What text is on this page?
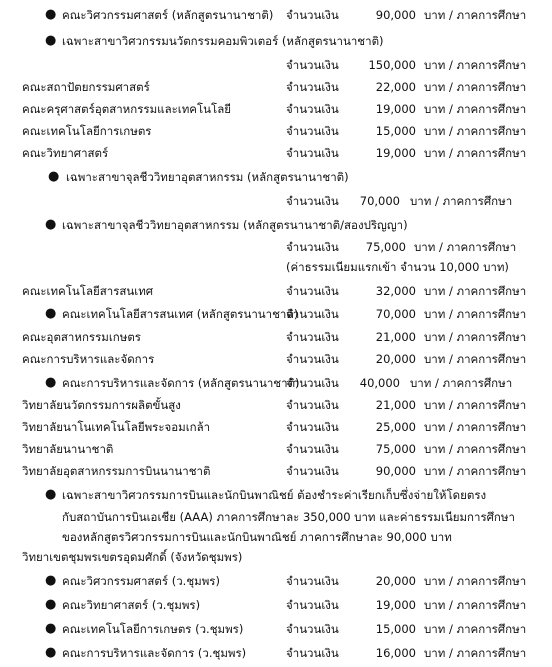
● คณะวิศวกรรมศาสตร์ (หลักสูตรนานาชาติ) จำนวนเงิน	90,000 บาท / ภาคการศึกษา
● เฉพาะสาขาวิศวกรรมนวัตกรรมคอมพิวเตอร์ (หลักสูตรนานาชาติ)
จำนวนเงิน	150,000 บาท / ภาคการศึกษา
คณะสถาปัตยกรรมศาสตร์	จำนวนเงิน	22,000 บาท / ภาคการศึกษา
คณะครุศาสตร์อุตสาหกรรมและเทคโนโลยี	จำนวนเงิน	19,000 บาท / ภาคการศึกษา
คณะเทคโนโลยีการเกษตร	จำนวนเงิน	15,000 บาท / ภาคการศึกษา
คณะวิทยาศาสตร์	จำนวนเงิน	19,000 บาท / ภาคการศึกษา
● เฉพาะสาขาจุลชีววิทยาอุตสาหกรรม (หลักสูตรนานาชาติ)
จำนวนเงิน	70,000 บาท / ภาคการศึกษา
● เฉพาะสาขาจุลชีววิทยาอุตสาหกรรม (หลักสูตรนานาชาติ/สองปริญญา)
จำนวนเงิน	75,000 บาท / ภาคการศึกษา
(ค่าธรรมเนียมแรกเข้า จำนวน 10,000 บาท)
คณะเทคโนโลยีสารสนเทศ	จำนวนเงิน	32,000 บาท / ภาคการศึกษา
● คณะเทคโนโลยีสารสนเทศ (หลักสูตรนานาชาติ)
จำนวนเงิน	70,000 บาท / ภาคการศึกษา
คณะอุตสาหกรรมเกษตร	จำนวนเงิน	21,000 บาท / ภาคการศึกษา
คณะการบริหารและจัดการ	จำนวนเงิน	20,000 บาท / ภาคการศึกษา
● คณะการบริหารและจัดการ (หลักสูตรนานาชาติ)
จำนวนเงิน	40,000 บาท / ภาคการศึกษา
วิทยาลัยนวัตกรรมการผลิตขั้นสูง	จำนวนเงิน	21,000 บาท / ภาคการศึกษา
วิทยาลัยนาโนเทคโนโลยีพระจอมเกล้า	จำนวนเงิน	25,000 บาท / ภาคการศึกษา
วิทยาลัยนานาชาติ	จำนวนเงิน	75,000 บาท / ภาคการศึกษา
วิทยาลัยอุตสาหกรรมการบินนานาชาติ	จำนวนเงิน	90,000 บาท / ภาคการศึกษา
● เฉพาะสาขาวิศวกรรมการบินและนักบินพาณิชย์ ต้องชำระค่าเรียกเก็บซึ่งจ่ายให้โดยตรง
กับสถาบันการบินเอเชีย (AAA) ภาคการศึกษาละ 350,000 บาท และค่าธรรมเนียมการศึกษา
ของหลักสูตรวิศวกรรมการบินและนักบินพาณิชย์ ภาคการศึกษาละ 90,000 บาท
วิทยาเขตชุมพรเขตรอุดมศักดิ์ (จังหวัดชุมพร)
● คณะวิศวกรรมศาสตร์ (ว.ชุมพร)	จำนวนเงิน	20,000 บาท / ภาคการศึกษา
● คณะวิทยาศาสตร์ (ว.ชุมพร)	จำนวนเงิน	19,000 บาท / ภาคการศึกษา
● คณะเทคโนโลยีการเกษตร (ว.ชุมพร)	จำนวนเงิน	15,000 บาท / ภาคการศึกษา
● คณะการบริหารและจัดการ (ว.ชุมพร)	จำนวนเงิน	16,000 บาท / ภาคการศึกษา
